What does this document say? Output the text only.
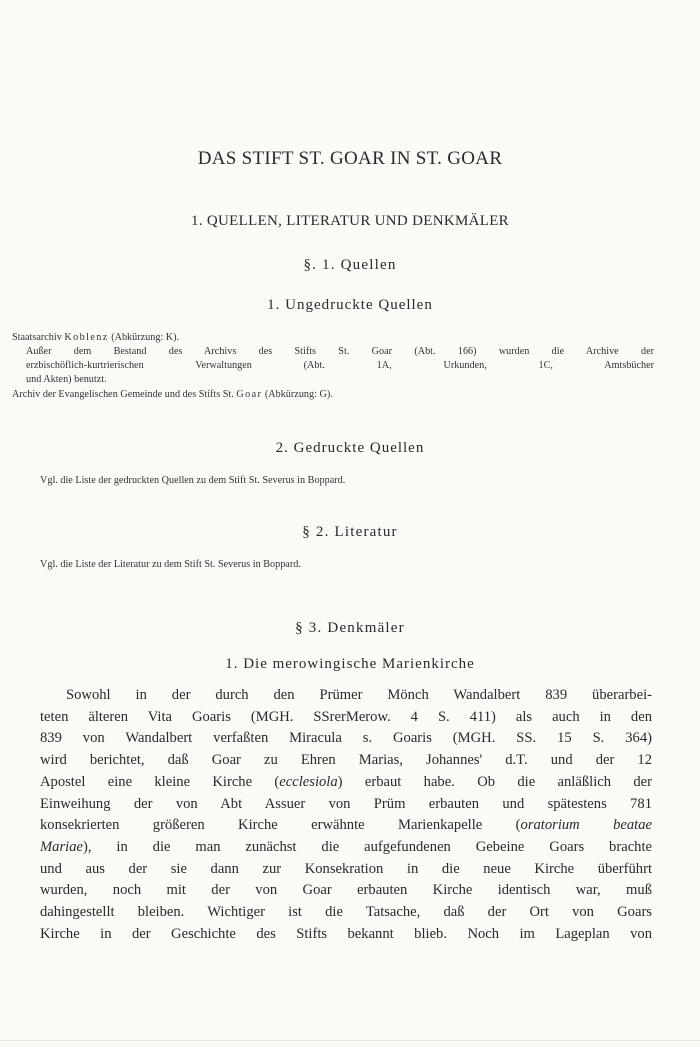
DAS STIFT ST. GOAR IN ST. GOAR
1. QUELLEN, LITERATUR UND DENKMÄLER
§. 1. Quellen
1. Ungedruckte Quellen
Staatsarchiv Koblenz (Abkürzung: K).
Außer dem Bestand des Archivs des Stifts St. Goar (Abt. 166) wurden die Archive der
erzbischöflich-kurtrierischen Verwaltungen (Abt. 1A, Urkunden, 1C, Amtsbücher
und Akten) benutzt.
Archiv der Evangelischen Gemeinde und des Stifts St. Goar (Abkürzung: G).
2. Gedruckte Quellen
Vgl. die Liste der gedruckten Quellen zu dem Stift St. Severus in Boppard.
§ 2. Literatur
Vgl. die Liste der Literatur zu dem Stift St. Severus in Boppard.
§ 3. Denkmäler
1. Die merowingische Marienkirche

Sowohl in der durch den Prümer Mönch Wandalbert 839 überarbei-

teten älteren Vita Goaris (MGH. SSrerMerow. 4 S. 411) als auch in den

839 von Wandalbert verfaßten Miracula s. Goaris (MGH. SS. 15 S. 364)

wird berichtet, daß Goar zu Ehren Marias, Johannes' d.T. und der 12

Apostel eine kleine Kirche (ecclesiola) erbaut habe. Ob die anläßlich der

Einweihung der von Abt Assuer von Prüm erbauten und spätestens 781

konsekrierten größeren Kirche erwähnte Marienkapelle (oratorium beatae

Mariae), in die man zunächst die aufgefundenen Gebeine Goars brachte

und aus der sie dann zur Konsekration in die neue Kirche überführt

wurden, noch mit der von Goar erbauten Kirche identisch war, muß

dahingestellt bleiben. Wichtiger ist die Tatsache, daß der Ort von Goars

Kirche in der Geschichte des Stifts bekannt blieb. Noch im Lageplan von
